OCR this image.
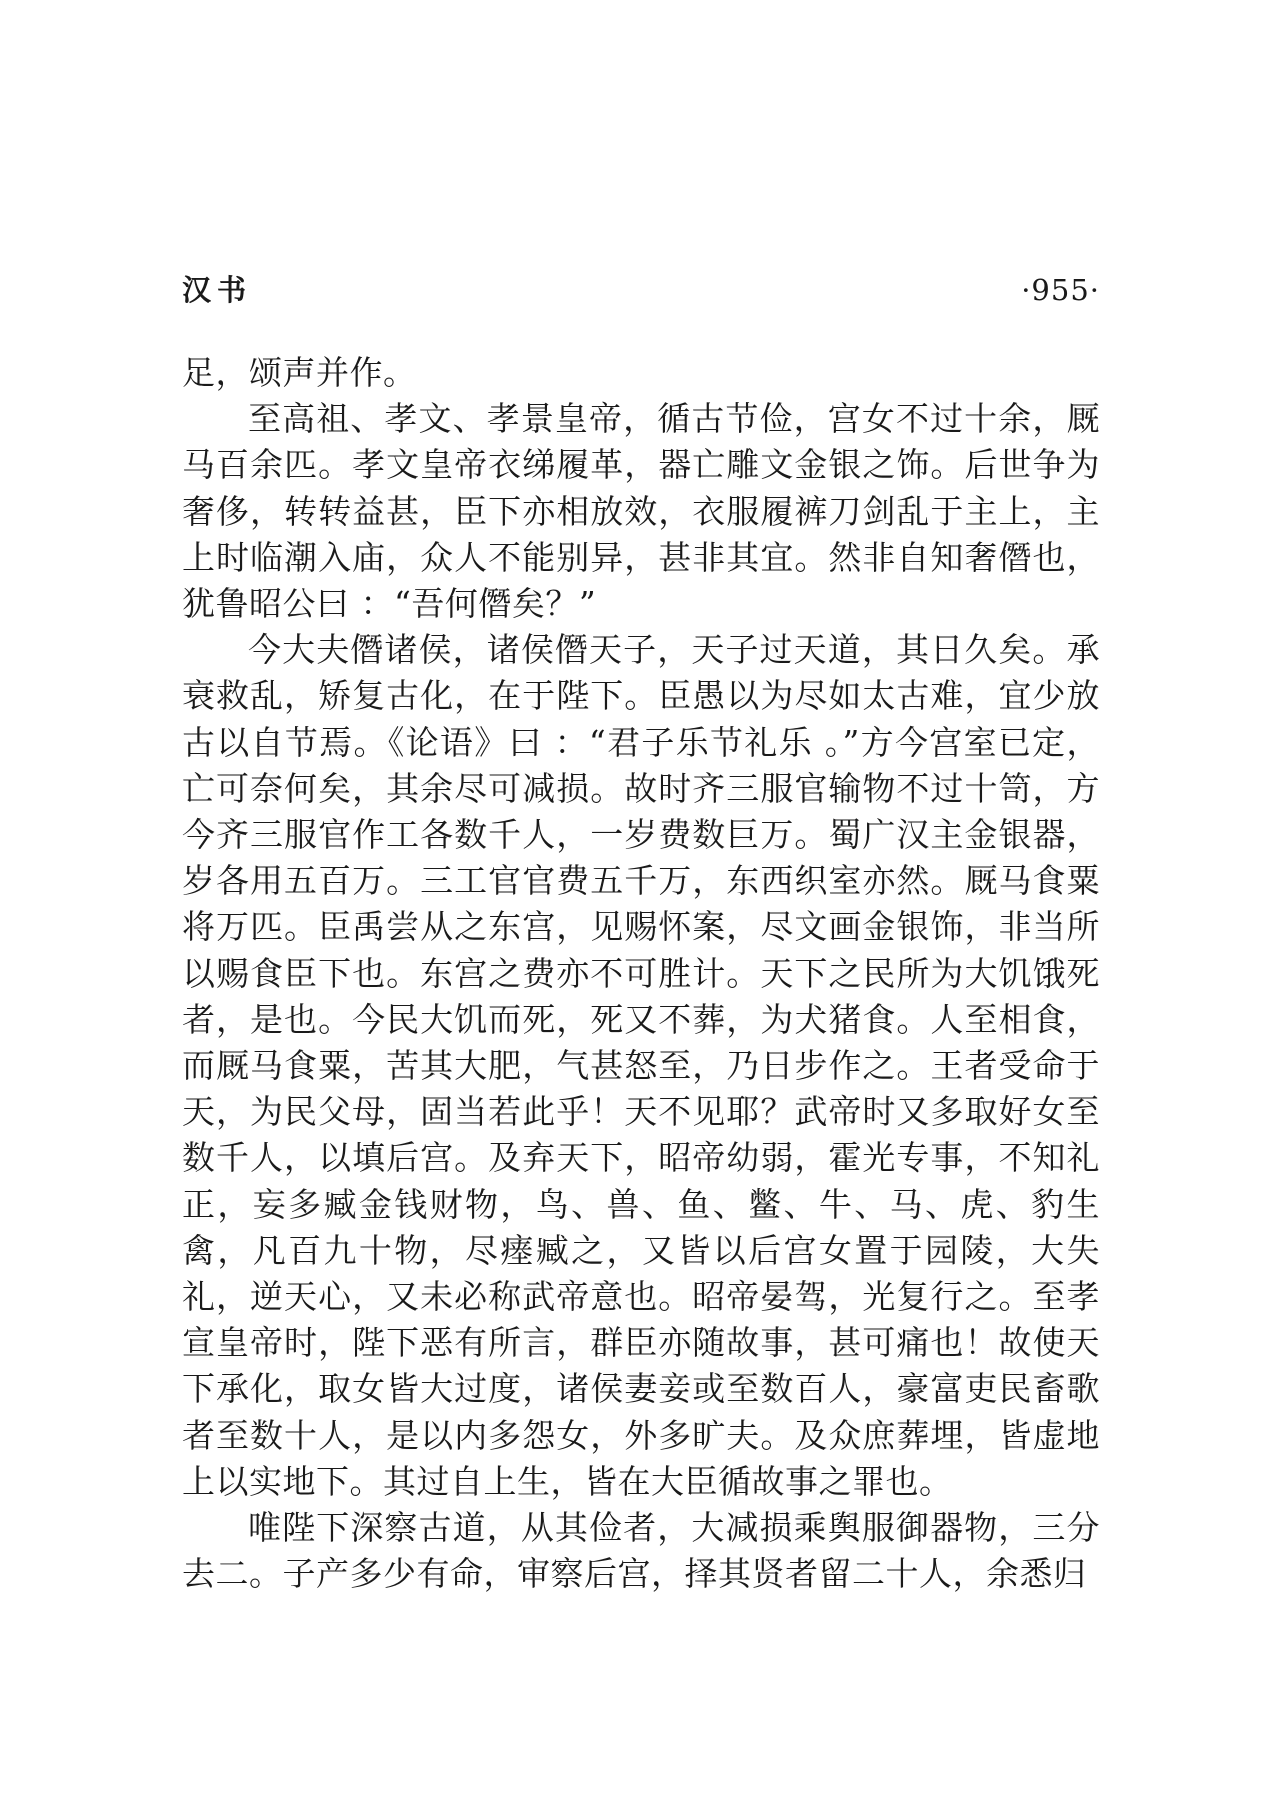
汉书	·955·

足，颂声并作。

至高祖、孝文、孝景皇帝，循古节俭，宫女不过十余，厩马百余匹。孝文皇帝衣绨履革，器亡雕文金银之饰。后世争为奢侈，转转益甚，臣下亦相放效，衣服履裤刀剑乱于主上，主上时临潮入庙，众人不能别异，甚非其宜。然非自知奢僭也，犹鲁昭公曰 ：“吾何僭矣？”

今大夫僭诸侯，诸侯僭天子，天子过天道，其日久矣。承衰救乱，矫复古化，在于陛下。臣愚以为尽如太古难，宜少放古以自节焉。《论语》曰 ：“君子乐节礼乐 。”方今宫室已定，亡可奈何矣，其余尽可减损。故时齐三服官输物不过十笥，方今齐三服官作工各数千人，一岁费数巨万。蜀广汉主金银器，岁各用五百万。三工官官费五千万，东西织室亦然。厩马食粟将万匹。臣禹尝从之东宫，见赐怀案，尽文画金银饰，非当所以赐食臣下也。东宫之费亦不可胜计。天下之民所为大饥饿死者，是也。今民大饥而死，死又不葬，为犬猪食。人至相食，而厩马食粟，苦其大肥，气甚怒至，乃日步作之。王者受命于天，为民父母，固当若此乎！天不见耶？武帝时又多取好女至数千人，以填后宫。及弃天下，昭帝幼弱，霍光专事，不知礼正，妄多臧金钱财物，鸟、兽、鱼、鳖、牛、马、虎、豹生禽，凡百九十物，尽瘗臧之，又皆以后宫女置于园陵，大失礼，逆天心，又未必称武帝意也。昭帝晏驾，光复行之。至孝宣皇帝时，陛下恶有所言，群臣亦随故事，甚可痛也！故使天下承化，取女皆大过度，诸侯妻妾或至数百人，豪富吏民畜歌者至数十人，是以内多怨女，外多旷夫。及众庶葬埋，皆虚地上以实地下。其过自上生，皆在大臣循故事之罪也。

唯陛下深察古道，从其俭者，大减损乘舆服御器物，三分去二。子产多少有命，审察后宫，择其贤者留二十人，余悉归
